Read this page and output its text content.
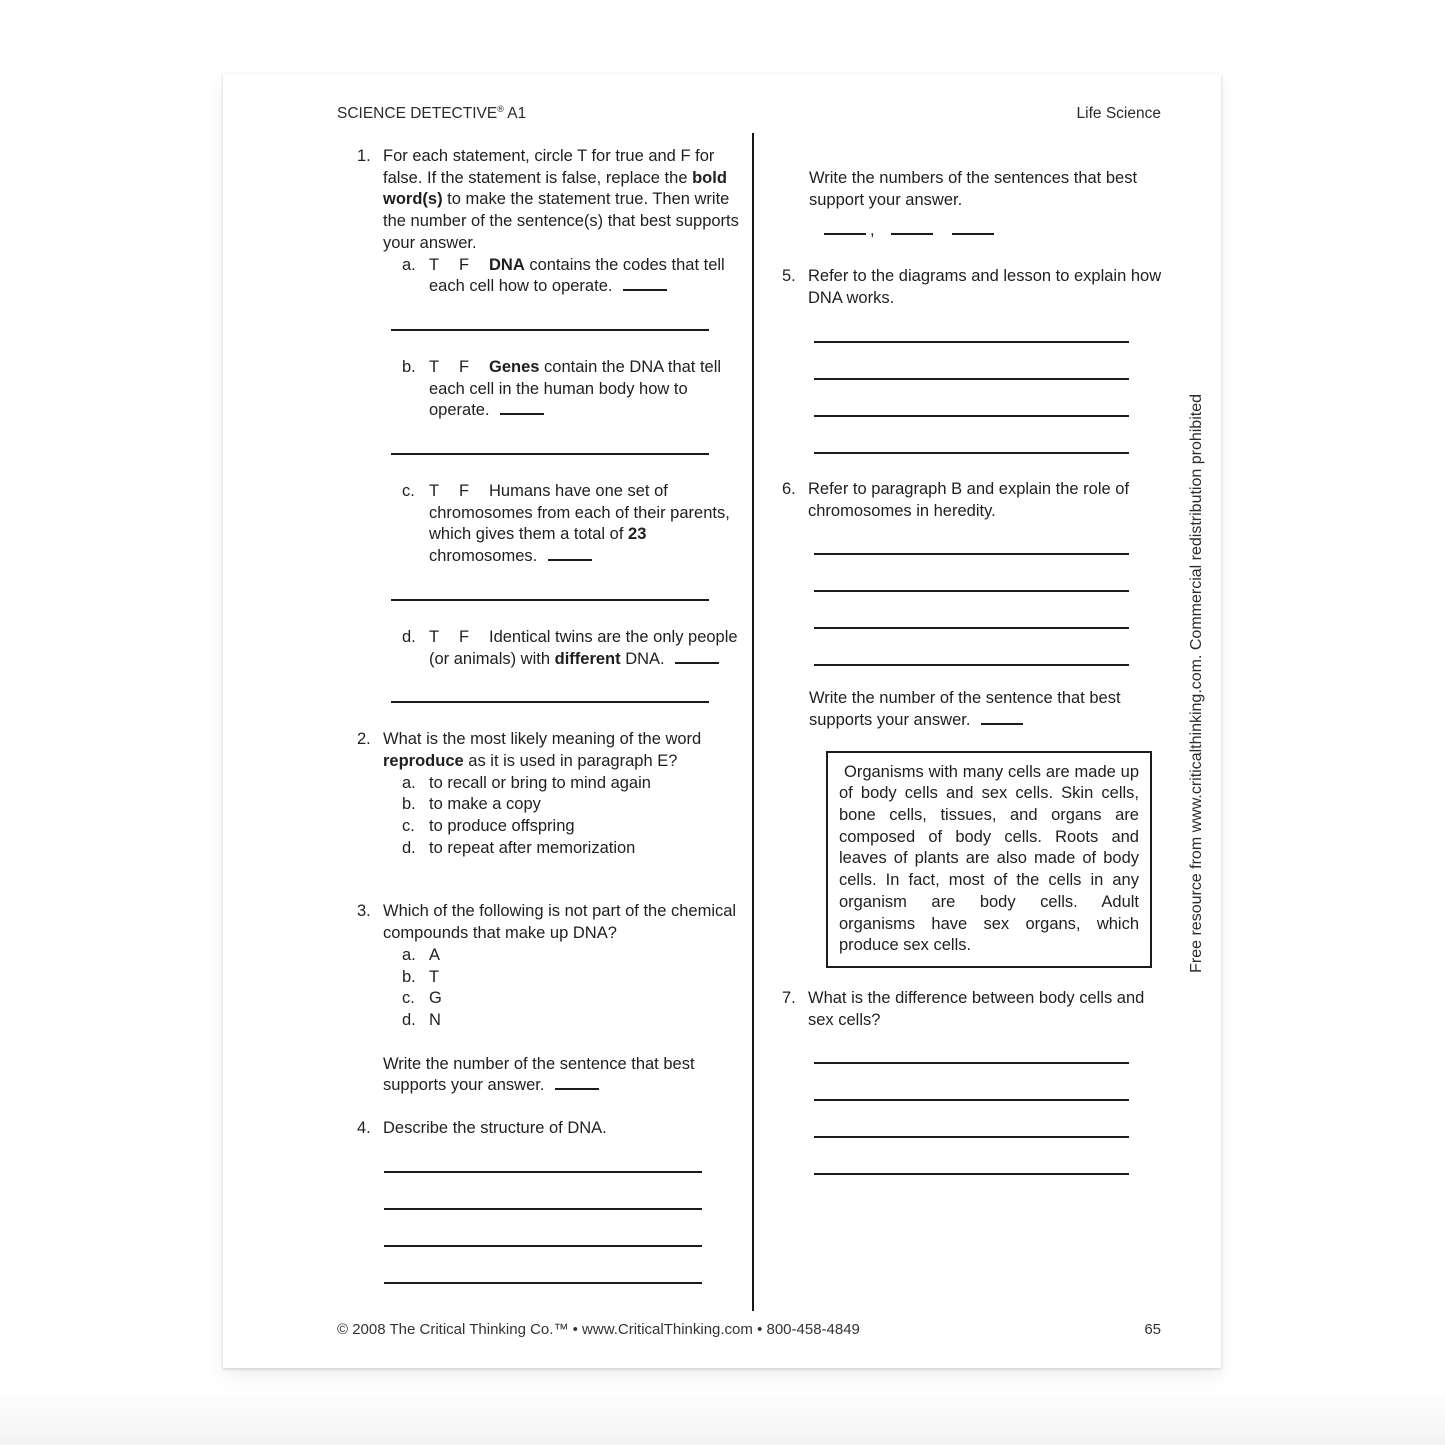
SCIENCE DETECTIVE® A1	Life Science
1. For each statement, circle T for true and F for false. If the statement is false, replace the bold word(s) to make the statement true. Then write the number of the sentence(s) that best supports your answer.
a. T F DNA contains the codes that tell each cell how to operate.
b. T F Genes contain the DNA that tell each cell in the human body how to operate.
c. T F Humans have one set of chromosomes from each of their parents, which gives them a total of 23 chromosomes.
d. T F Identical twins are the only people (or animals) with different DNA.
2. What is the most likely meaning of the word reproduce as it is used in paragraph E?
a. to recall or bring to mind again
b. to make a copy
c. to produce offspring
d. to repeat after memorization
3. Which of the following is not part of the chemical compounds that make up DNA?
a. A
b. T
c. G
d. N
Write the number of the sentence that best supports your answer.
4. Describe the structure of DNA.
Write the numbers of the sentences that best support your answer.
,
5. Refer to the diagrams and lesson to explain how DNA works.
6. Refer to paragraph B and explain the role of chromosomes in heredity.
Write the number of the sentence that best supports your answer.
Organisms with many cells are made up of body cells and sex cells. Skin cells, bone cells, tissues, and organs are composed of body cells. Roots and leaves of plants are also made of body cells. In fact, most of the cells in any organism are body cells. Adult organisms have sex organs, which produce sex cells.
7. What is the difference between body cells and sex cells?
Free resource from www.criticalthinking.com. Commercial redistribution prohibited
© 2008 The Critical Thinking Co.™ • www.CriticalThinking.com • 800-458-4849	65
